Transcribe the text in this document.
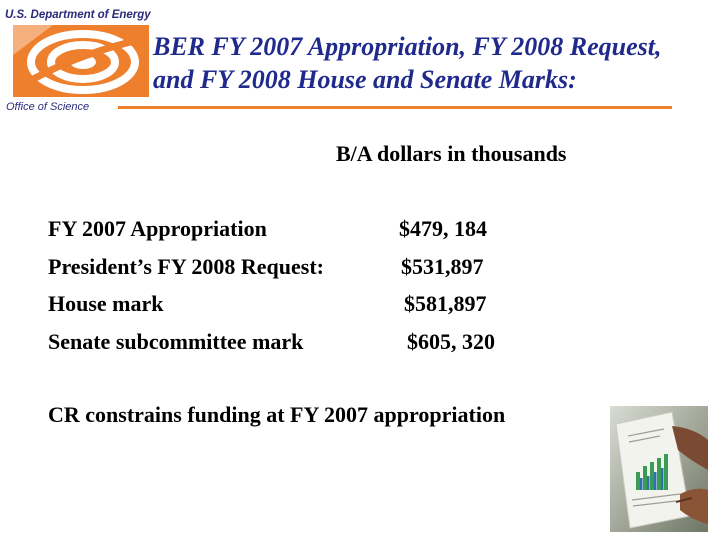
U.S. Department of Energy
Office of Science
BER FY 2007 Appropriation, FY 2008 Request,
and FY 2008 House and Senate Marks:
B/A dollars in thousands
FY 2007 Appropriation	$479, 184
President’s FY 2008 Request:	$531,897
House mark	$581,897
Senate subcommittee mark	$605, 320
CR constrains funding at FY 2007 appropriation
